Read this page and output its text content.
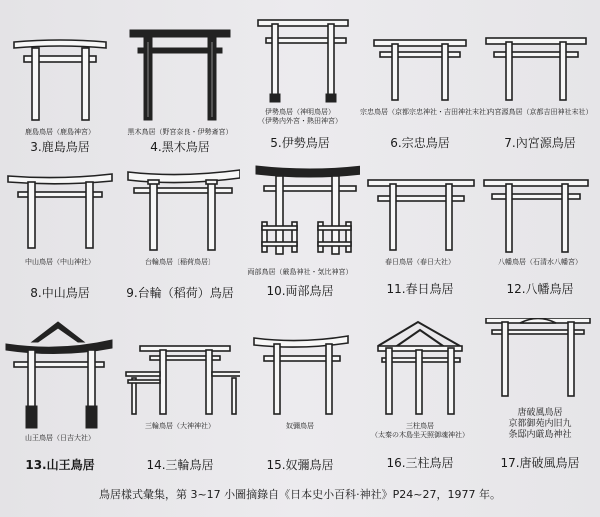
鹿島鳥居（鹿島神宮）
3.鹿島鳥居
黒木鳥居（野宮奈良・伊勢斎宮）
4.黑木鳥居
伊勢鳥居（神明鳥居）
（伊勢内外宮・熱田神宮）
5.伊勢鳥居
宗忠鳥居（京都宗忠神社・吉田神社末社）
6.宗忠鳥居
内宮源鳥居（京都吉田神社末社）
7.內宮源鳥居
中山鳥居（中山神社）
8.中山鳥居
台輪鳥居〔稲荷鳥居〕
9.台輪（稻荷）鳥居
両部鳥居（厳島神社・気比神宮）
10.両部鳥居
春日鳥居（春日大社）
11.春日鳥居
八幡鳥居（石清水八幡宮）
12.八幡鳥居
山王鳥居（日吉大社）
13.山王鳥居
三輪鳥居（大神神社）
14.三輪鳥居
奴彌鳥居
15.奴彌鳥居
三柱鳥居
（太秦の木島坐天照御魂神社）
16.三柱鳥居
唐破風鳥居
京都御苑内旧九
条邸内厳島神社
17.唐破風鳥居
鳥居樣式彙集，第 3~17 小圖摘錄自《日本史小百科‧神社》P24~27，1977 年。
